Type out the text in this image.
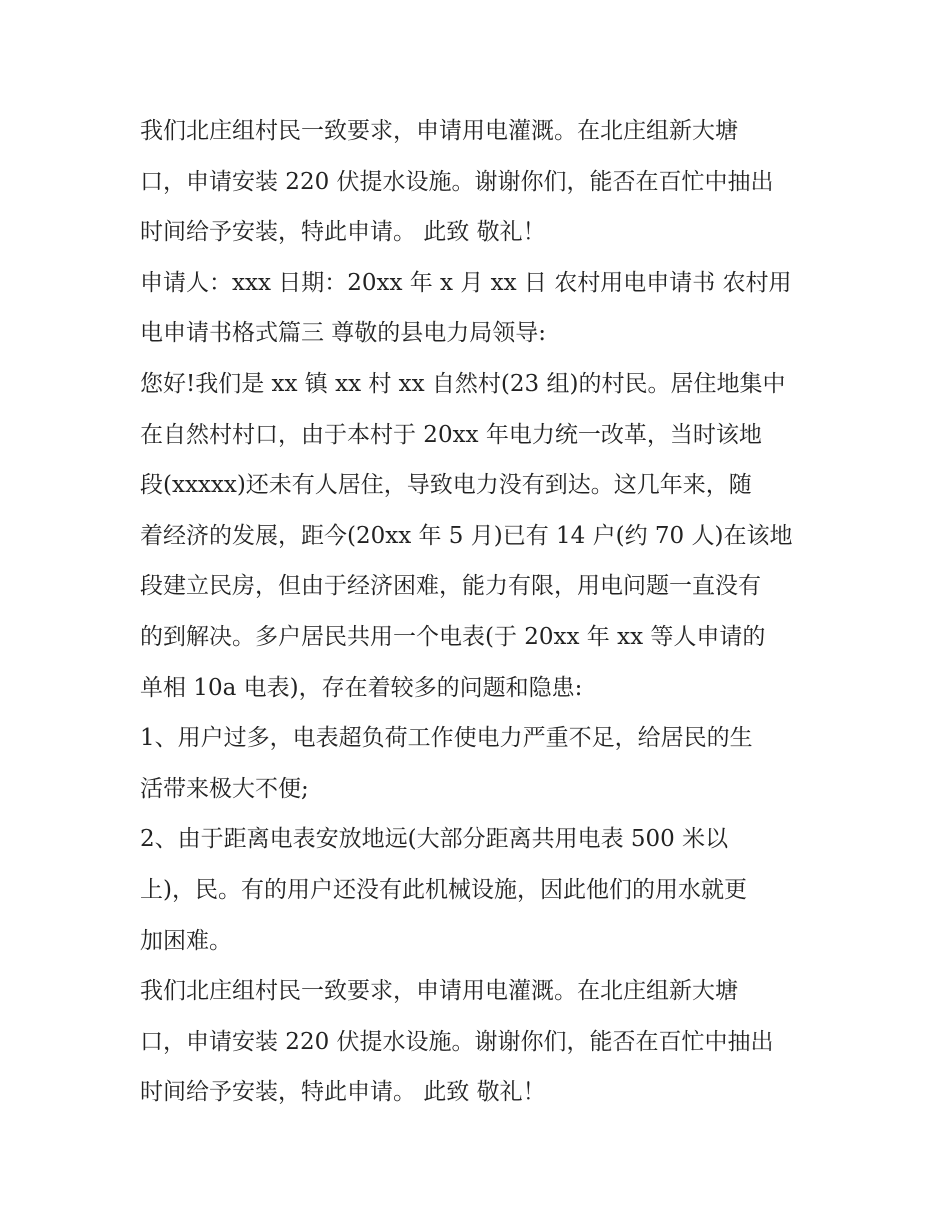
我们北庄组村民一致要求，申请用电灌溉。在北庄组新大塘
口，申请安装 220 伏提水设施。谢谢你们，能否在百忙中抽出
时间给予安装，特此申请。 此致 敬礼！
申请人：xxx 日期：20xx 年 x 月 xx 日 农村用电申请书 农村用
电申请书格式篇三 尊敬的县电力局领导:
您好!我们是 xx 镇 xx 村 xx 自然村(23 组)的村民。居住地集中
在自然村村口，由于本村于 20xx 年电力统一改革，当时该地
段(xxxxx)还未有人居住，导致电力没有到达。这几年来，随
着经济的发展，距今(20xx 年 5 月)已有 14 户(约 70 人)在该地
段建立民房，但由于经济困难，能力有限，用电问题一直没有
的到解决。多户居民共用一个电表(于 20xx 年 xx 等人申请的
单相 10a 电表)，存在着较多的问题和隐患:
1、用户过多，电表超负荷工作使电力严重不足，给居民的生
活带来极大不便;
2、由于距离电表安放地远(大部分距离共用电表 500 米以
上)，民。有的用户还没有此机械设施，因此他们的用水就更
加困难。
我们北庄组村民一致要求，申请用电灌溉。在北庄组新大塘
口，申请安装 220 伏提水设施。谢谢你们，能否在百忙中抽出
时间给予安装，特此申请。 此致 敬礼！
